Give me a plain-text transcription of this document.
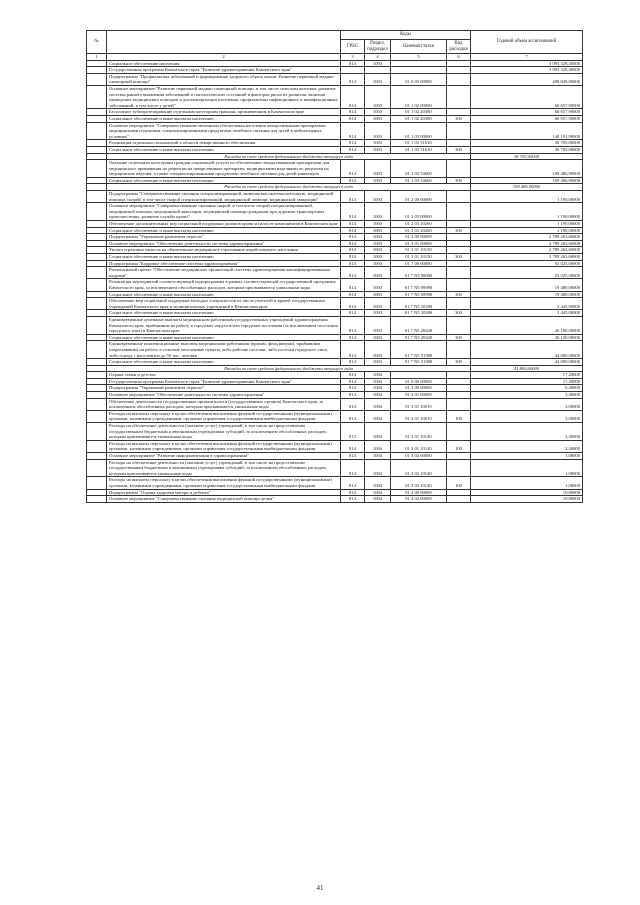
№		Коды				Годовой объем ассигнований
		ГРБС	Раздел, подраздел	Целевая статья	Вид расходов	
1	2	3	4	5	6	7
	Социальное обеспечение населения	814	1003			3 093 328,40000
	Государственная программа Камчатского края "Развитие здравоохранения Камчатского края"					3 093 328,40000
	Подпрограмма "Профилактика заболеваний и формирование здорового образа жизни. Развитие первичной медико-санитарной помощи"	814	1003	01 0 03 00000		208 849,80000
	Основное мероприятие "Развитие первичной медико-санитарной помощи, в том числе сельским жителям, развитие системы раннего выявления заболеваний и патологических состояний и факторов риска их развития, включая проведение медицинских осмотров и диспансеризации населения, профилактика инфекционных и неинфекционных заболеваний, в том числе у детей"	814	1003	01 1 02 00000		60 657,90000
	Бесплатное зубопротезирование отдельным категориям граждан, проживающим в Камчатском крае	814	1003	01 1 02 20380		60 657,90000
	Социальное обеспечение и иные выплаты населению	814	1003	01 1 02 20380	300	60 657,90000
	Основное мероприятие "Совершенствование механизма обеспечения населения лекарственными препаратами, медицинскими изделиями, специализированными продуктами лечебного питания для детей в амбулаторных условиях"	814	1003	01 1 03 00000		148 191,90000
	Реализация отдельных полномочий в области лекарственного обеспечения	814	1003	01 1 03 51610		38 705,00000
	Социальное обеспечение и иные выплаты населению	814	1003	01 1 03 51610	300	38 705,00000
	Расходы за счет средств федерального бюджета текущего года					38 705,00000
	Оказание отдельным категориям граждан социальной услуги по обеспечению лекарственными препаратами для медицинского применения по рецептам на лекарственные препараты, медицинскими изделиями по рецептам на медицинские изделия, а также специализированными продуктами лечебного питания для детей-инвалидов	814	1003	01 1 03 54600		109 486,90000
	Социальное обеспечение и иные выплаты населению	814	1003	01 1 03 54600	300	109 486,90000
	Расходы за счет средств федерального бюджета текущего года					109 486,90000
	Подпрограмма "Совершенствование оказания специализированной, включая высокотехнологичную, медицинской помощи, скорой, в том числе скорой специализированной, медицинской помощи, медицинской эвакуации"	814	1003	01 2 00 00000		1 190,00000
	Основное мероприятие "Совершенствование оказания скорой, в том числе скорой специализированной, медицинской помощи, медицинской эвакуации, медицинской помощи гражданам при дорожно-транспортных происшествиях, развитие службы крови"	814	1003	01 2 03 00000		1 190,00000
	Обеспечение дополнительных мер социальной поддержки доноров крови и (или) ее компонентов в Камчатском крае	814	1003	01 2 03 20260		1 190,00000
	Социальное обеспечение и иные выплаты населению	814	1003	01 2 03 20260	300	1 190,00000
	Подпрограмма "Управление развитием отрасли"	814	1003	01 3 00 00000		2 789 263,60000
	Основное мероприятие "Обеспечение деятельности системы здравоохранения"	814	1003	01 3 01 00000		2 789 263,60000
	Уплата страховых взносов на обязательное медицинское страхование неработающего населения	814	1003	01 3 01 10150		2 789 263,60000
	Социальное обеспечение и иные выплаты населению	814	1003	01 3 01 10150	300	2 789 263,60000
	Подпрограмма "Кадровое обеспечение системы здравоохранения"	814	1003	01 7 00 00000		92 025,00000
	Региональный проект "Обеспечение медицинских организаций системы здравоохранения квалифицированными кадрами"	814	1003	01 7 N5 00000		92 025,00000
	Реализация мероприятий соответствующей подпрограммы в рамках соответствующей государственной программы Камчатского края, за исключением обособленных расходов, которым присваиваются уникальные коды	814	1003	01 7 N5 09990		19 480,00000
	Социальное обеспечение и иные выплаты населению	814	1003	01 7 N5 09990	300	19 480,00000
	Обеспечение мер социальной поддержки молодых специалистов из числа учителей и врачей государственных учреждений Камчатского края и муниципальных учреждений в Камчатском крае	814	1003	01 7 N5 20280		2 445,00000
	Социальное обеспечение и иные выплаты населению	814	1003	01 7 N5 20280	300	2 445,00000
	Единовременные денежные выплаты медицинским работникам государственных учреждений здравоохранения Камчатского края, прибывшим на работу в городские округа и/или городские поселения (за исключением поселения городского типа) в Камчатском крае	814	1003	01 7 N5 20420		26 100,00000
	Социальное обеспечение и иные выплаты населению	814	1003	01 7 N5 20420	300	26 100,00000
	Единовременные компенсационные выплаты медицинским работникам (врачам, фельдшерам), прибывшим (переехавшим) на работу в сельские населенные пункты, либо рабочие поселки, либо поселки городского типа, либо города с населением до 50 тыс. человек	814	1003	01 7 N5 51380		44 000,00000
	Социальное обеспечение и иные выплаты населению	814	1003	01 7 N5 51380	300	44 000,00000
	Расходы за счет средств федерального бюджета текущего года					41 800,00000
	Охрана семьи и детства	814	1004			17,28000
	Государственная программа Камчатского края "Развитие здравоохранения Камчатского края"	814	1004	01 0 00 00000		17,28000
	Подпрограмма "Управление развитием отрасли"	814	1004	01 3 00 00000		6,48000
	Основное мероприятие "Обеспечение деятельности системы здравоохранения"	814	1004	01 3 01 00000		3,40000
	Обеспечение деятельности государственных органов власти (государственных органов) Камчатского края, за исключением обособленных расходов, которым присваиваются уникальные коды	814	1004	01 3 01 10010		3,00000
	Расходы на выплаты персоналу в целях обеспечения выполнения функций государственными (муниципальными) органами, казенными учреждениями, органами управления государственными внебюджетными фондами	814	1004	01 3 01 10010	100	3,00000
	Расходы на обеспечение деятельности (оказание услуг) учреждений, в том числе на предоставление государственным бюджетным и автономным учреждениям субсидий, за исключением обособленных расходов, которым присваиваются уникальные коды	814	1004	01 3 01 10140		2,40000
	Расходы на выплаты персоналу в целях обеспечения выполнения функций государственными (муниципальными) органами, казенными учреждениями, органами управления государственными внебюджетными фондами	814	1004	01 3 01 10140	100	2,40000
	Основное мероприятие "Развитие информатизации в здравоохранении"	814	1004	01 3 02 00000		1,08000
	Расходы на обеспечение деятельности (оказание услуг) учреждений, в том числе на предоставление государственным бюджетным и автономным учреждениям субсидий, за исключением обособленных расходов, которым присваиваются уникальные коды	814	1004	01 3 02 10140		1,08000
	Расходы на выплаты персоналу в целях обеспечения выполнения функций государственными (муниципальными) органами, казенными учреждениями, органами управления государственными внебюджетными фондами	814	1004	01 3 02 10140	100	1,08000
	Подпрограмма "Охрана здоровья матери и ребенка"	814	1004	01 4 00 00000		10,80000
	Основное мероприятие "Совершенствование оказания медицинской помощи детям"	814	1004	01 4 02 00000		10,80000
41
